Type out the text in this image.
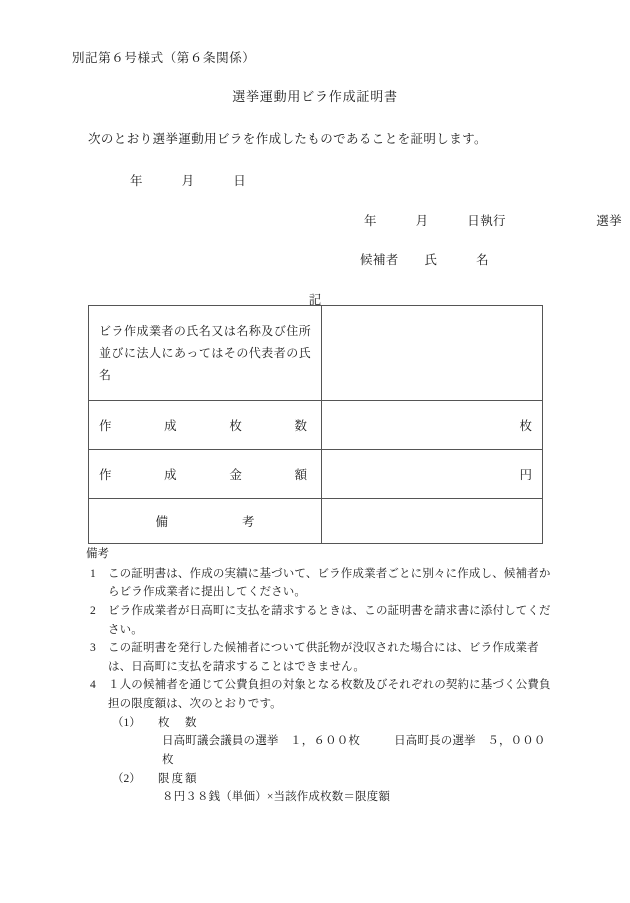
別記第６号様式（第６条関係）
選挙運動用ビラ作成証明書
次のとおり選挙運動用ビラを作成したものであることを証明します。
年　　　月　　　日
年　　　月　　　日執行　　　　　　　選挙
候補者　　氏　　　名
記
ビラ作成業者の氏名又は名称及び住所並びに法人にあってはその代表者の氏名	

作 成 枚 数	枚

作 成 金 額	円

備 考	

備考
1	この証明書は、作成の実績に基づいて、ビラ作成業者ごとに別々に作成し、候補者からビラ作成業者に提出してください。
2	ビラ作成業者が日高町に支払を請求するときは、この証明書を請求書に添付してください。
3	この証明書を発行した候補者について供託物が没収された場合には、ビラ作成業者は、日高町に支払を請求することはできません。
4	１人の候補者を通じて公費負担の対象となる枚数及びそれぞれの契約に基づく公費負担の限度額は、次のとおりです。
（1）	枚　数
日高町議会議員の選挙　１，６００枚	日高町長の選挙　５，０００枚
（2）	限度額
８円３８銭（単価）×当該作成枚数＝限度額
